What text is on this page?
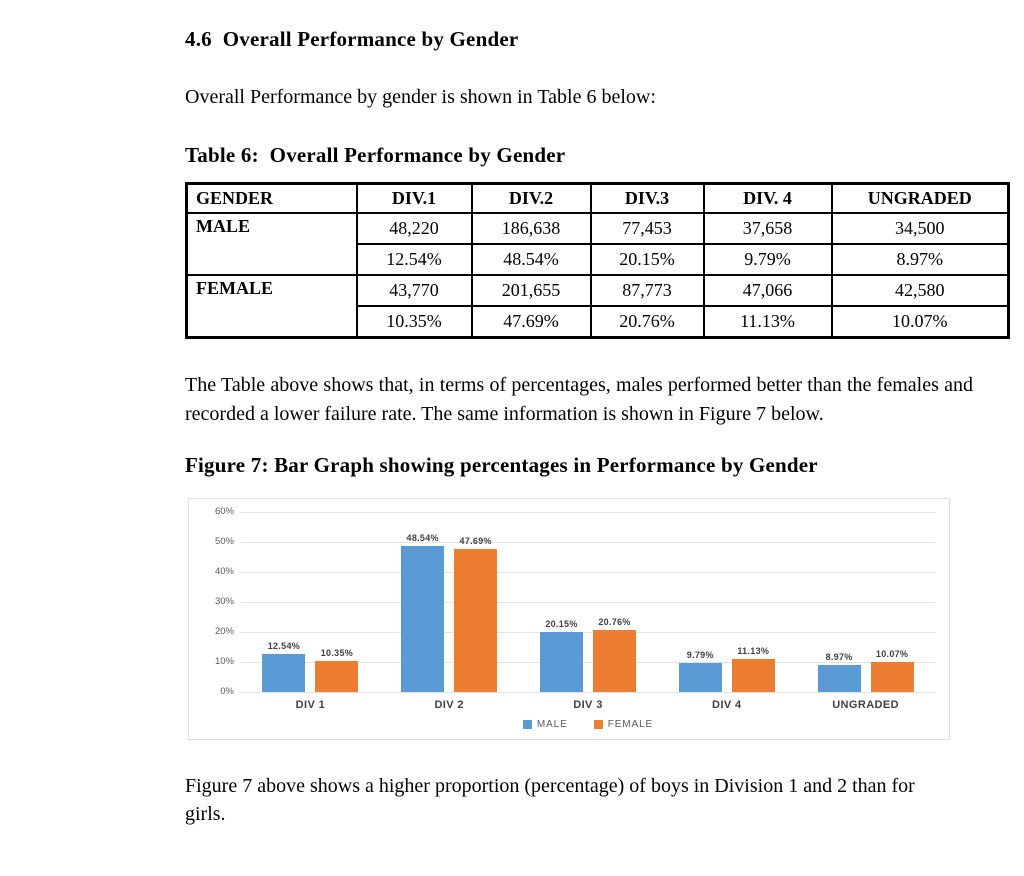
4.6  Overall Performance by Gender

Overall Performance by gender is shown in Table 6 below:

Table 6:  Overall Performance by Gender
GENDER	DIV.1	DIV.2	DIV.3	DIV. 4	UNGRADED
MALE	48,220	186,638	77,453	37,658	34,500
	12.54%	48.54%	20.15%	9.79%	8.97%
FEMALE	43,770	201,655	87,773	47,066	42,580
	10.35%	47.69%	20.76%	11.13%	10.07%

The Table above shows that, in terms of percentages, males performed better than the females and recorded a lower failure rate. The same information is shown in Figure 7 below.

Figure 7: Bar Graph showing percentages in Performance by Gender
60%
50%
40%
30%
20%
10%
0%
12.54%
10.35%
48.54% 47.69%
20.15% 20.76%
9.79%	11.13%
8.97%	10.07%
DIV 1	DIV 2	DIV 3	DIV 4	UNGRADED
MALE	FEMALE

Figure 7 above shows a higher proportion (percentage) of boys in Division 1 and 2 than for girls.
